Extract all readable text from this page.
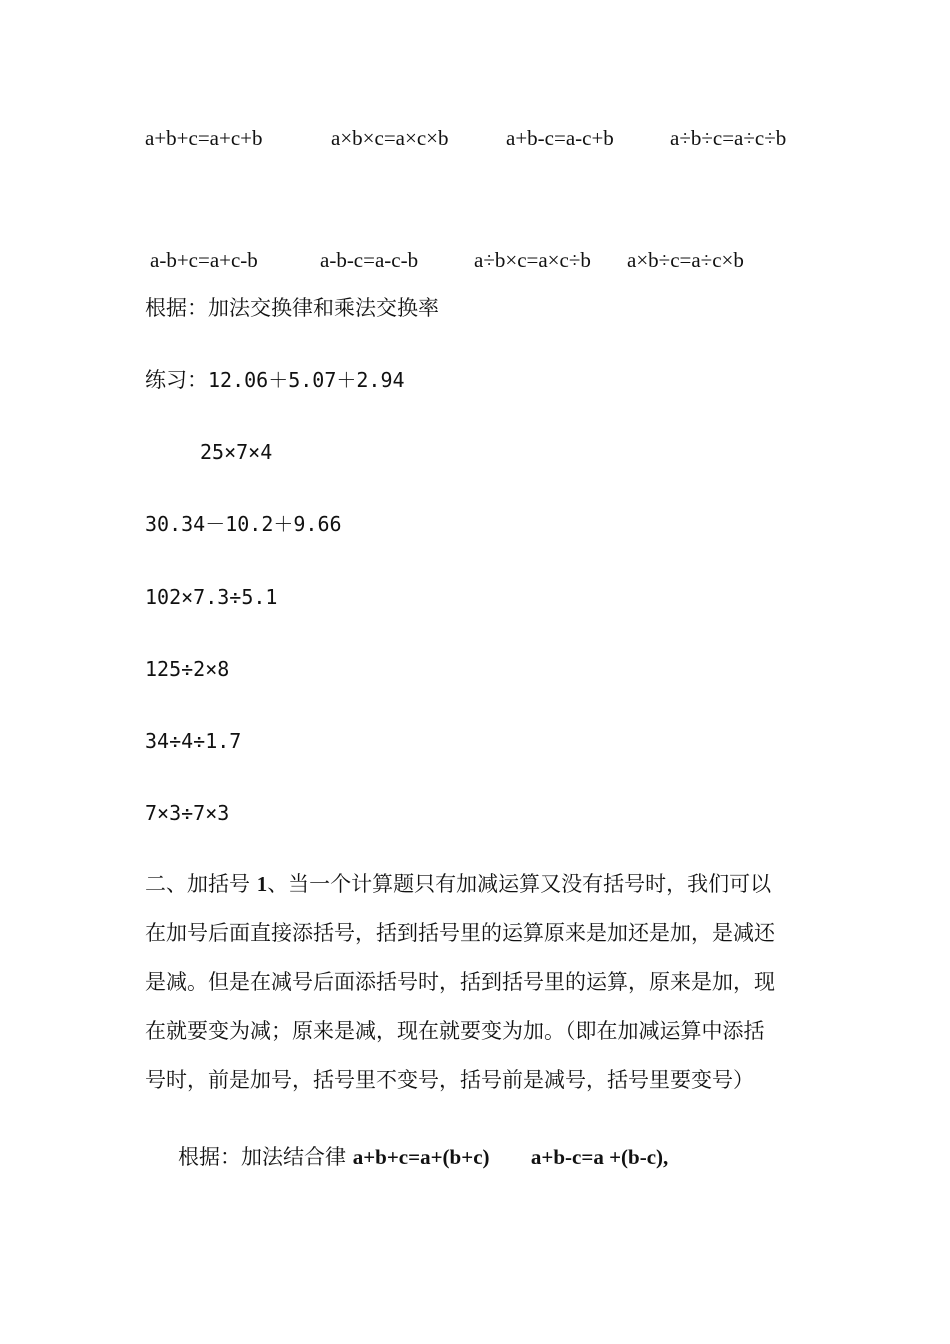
a+b+c=a+c+b	a×b×c=a×c×b	a+b-c=a-c+b	a÷b÷c=a÷c÷b
a-b+c=a+c-b	a-b-c=a-c-b	a÷b×c=a×c÷b a×b÷c=a÷c×b
根据：加法交换律和乘法交换率
练习：12.06＋5.07＋2.94
25×7×4
30.34－10.2＋9.66
102×7.3÷5.1
125÷2×8
34÷4÷1.7
7×3÷7×3
二、加括号 1、当一个计算题只有加减运算又没有括号时，我们可以
在加号后面直接添括号，括到括号里的运算原来是加还是加，是减还
是减。但是在减号后面添括号时，括到括号里的运算，原来是加，现
在就要变为减；原来是减，现在就要变为加。（即在加减运算中添括
号时，前是加号，括号里不变号，括号前是减号，括号里要变号）
根据：加法结合律 a+b+c=a+(b+c) a+b-c=a +(b-c),
